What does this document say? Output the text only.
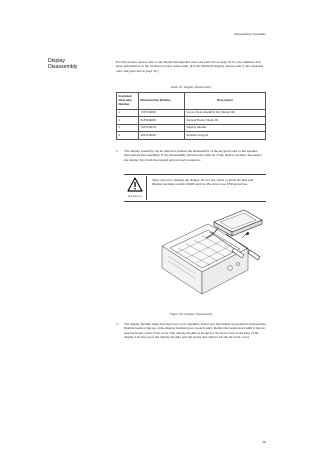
Disassembly/Assembly
Display
Disassembly
For this section, please refer to the Model III exploded view and parts list on page 32 for part numbers and more information on the location of parts in the radio. (For the Model II display, please refer to the exploded view and parts list on page 34.)
Table 20. Display Disassembly
Exploded View Item Number	Motorola Part Number	Description
1	1505746082	Cover, Front Assembly Kit (Model III)
2	0183944D01	Keypad Board, Model III
5	7203726C01	Display Module
6	4205214D01	Retainer, Keypad
1. The display assembly can be removed without the disassembly of the keypad board or the speaker-microphone flex assembly. If the disassembly involves the removal of the display module, disconnect the display flex from the keypad option board connector.
Caution
Take care not to damage the display. Do not rest, bend, or pinch the heat seal. Display modules contain CMOS devices. Be sure to use ESD protection.
Figure 56. Display Disassembly
2. The display module snaps into the front cover assembly. Insert two flat-bladed screwdrivers between the flexible beam at the top of the display module (one on each side). Deflect the beam down until it moves past the hooks on the front cover. The display module is hooked to the front cover at the base of the display. Lift the top of the display module past the hooks and remove it from the front cover.
69
